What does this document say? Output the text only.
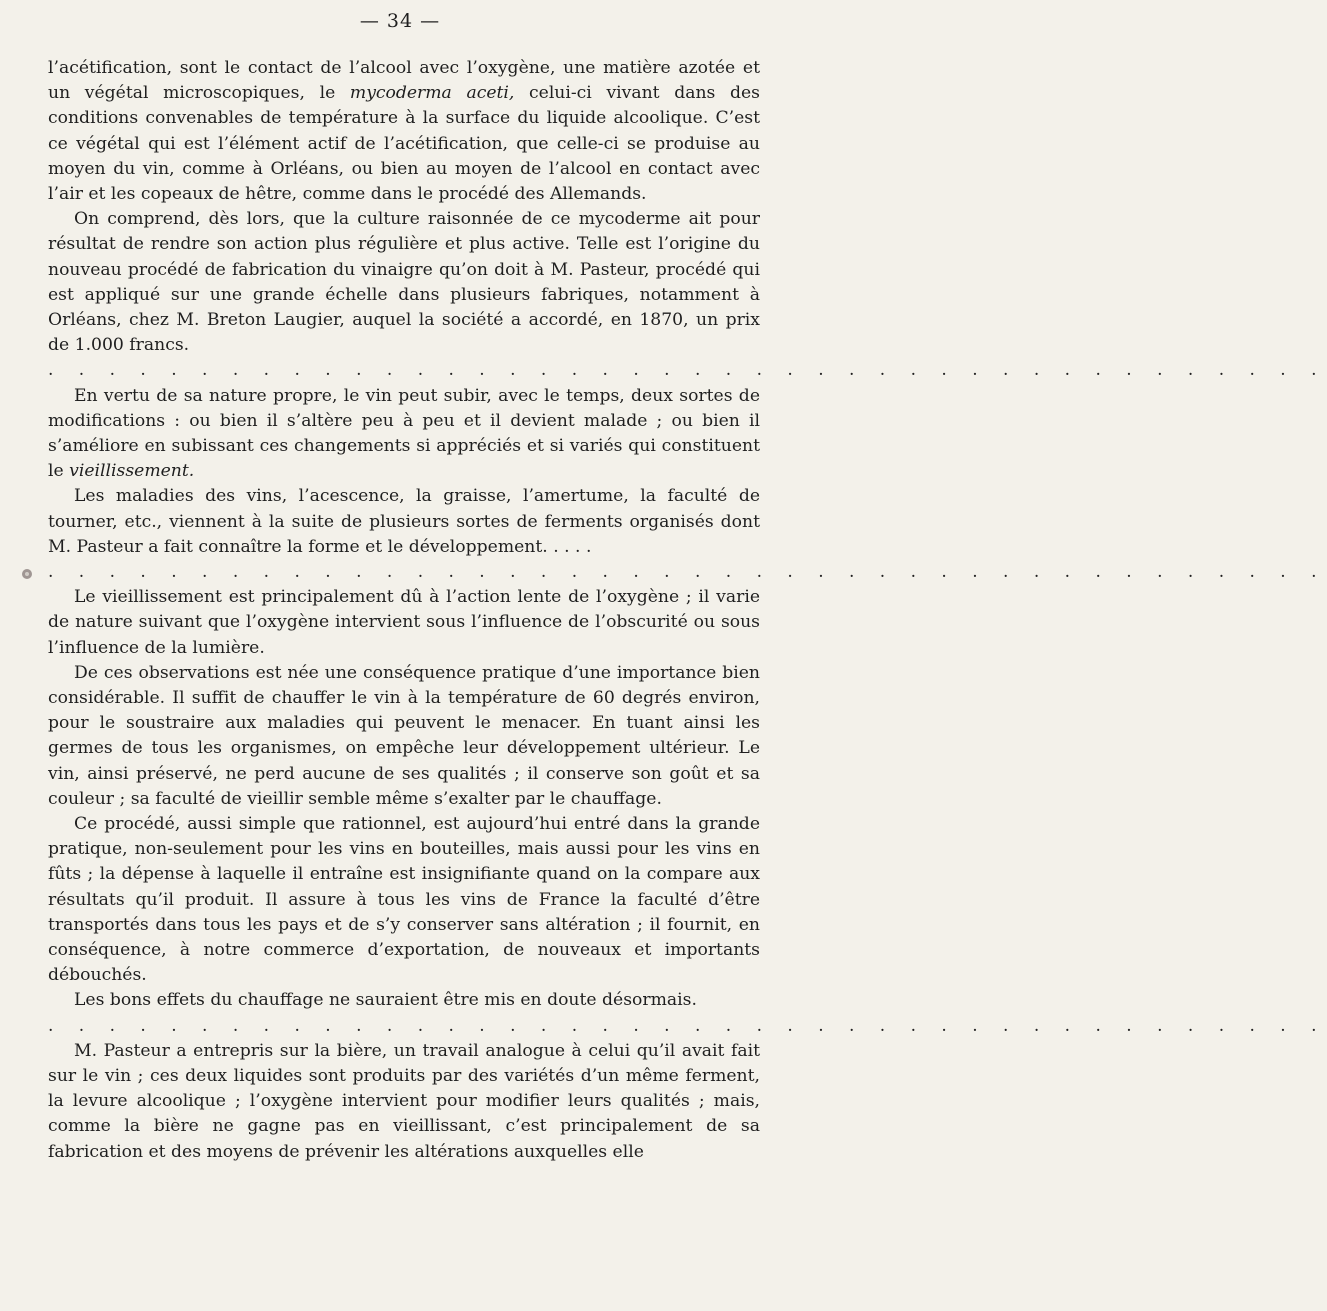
— 34 —

l’acétification, sont le contact de l’alcool avec l’oxygène, une matière azotée et un végétal microscopiques, le mycoderma aceti, celui-ci vivant dans des conditions convenables de température à la surface du liquide alcoolique. C’est ce végétal qui est l’élément actif de l’acétification, que celle-ci se produise au moyen du vin, comme à Orléans, ou bien au moyen de l’alcool en contact avec l’air et les copeaux de hêtre, comme dans le procédé des Allemands.

On comprend, dès lors, que la culture raisonnée de ce mycoderme ait pour résultat de rendre son action plus régulière et plus active. Telle est l’origine du nouveau procédé de fabrication du vinaigre qu’on doit à M. Pasteur, procédé qui est appliqué sur une grande échelle dans plusieurs fabriques, notamment à Orléans, chez M. Breton Laugier, auquel la société a accordé, en 1870, un prix de 1.000 francs.

. . . . . . . . . . . . . . . . . . . . . . . . . . . . . . . . . . . . . . . . . .

En vertu de sa nature propre, le vin peut subir, avec le temps, deux sortes de modifications : ou bien il s’altère peu à peu et il devient malade ; ou bien il s’améliore en subissant ces changements si appréciés et si variés qui constituent le vieillissement.

Les maladies des vins, l’acescence, la graisse, l’amertume, la faculté de tourner, etc., viennent à la suite de plusieurs sortes de ferments organisés dont M. Pasteur a fait connaître la forme et le développement. . . . .

. . . . . . . . . . . . . . . . . . . . . . . . . . . . . . . . . . . . . . . . . .

Le vieillissement est principalement dû à l’action lente de l’oxygène ; il varie de nature suivant que l’oxygène intervient sous l’influence de l’obscurité ou sous l’influence de la lumière.

De ces observations est née une conséquence pratique d’une importance bien considérable. Il suffit de chauffer le vin à la température de 60 degrés environ, pour le soustraire aux maladies qui peuvent le menacer. En tuant ainsi les germes de tous les organismes, on empêche leur développement ultérieur. Le vin, ainsi préservé, ne perd aucune de ses qualités ; il conserve son goût et sa couleur ; sa faculté de vieillir semble même s’exalter par le chauffage.

Ce procédé, aussi simple que rationnel, est aujourd’hui entré dans la grande pratique, non-seulement pour les vins en bouteilles, mais aussi pour les vins en fûts ; la dépense à laquelle il entraîne est insignifiante quand on la compare aux résultats qu’il produit. Il assure à tous les vins de France la faculté d’être transportés dans tous les pays et de s’y conserver sans altération ; il fournit, en conséquence, à notre commerce d’exportation, de nouveaux et importants débouchés.

Les bons effets du chauffage ne sauraient être mis en doute désormais.

. . . . . . . . . . . . . . . . . . . . . . . . . . . . . . . . . . . . . . . . . .

M. Pasteur a entrepris sur la bière, un travail analogue à celui qu’il avait fait sur le vin ; ces deux liquides sont produits par des variétés d’un même ferment, la levure alcoolique ; l’oxygène intervient pour modifier leurs qualités ; mais, comme la bière ne gagne pas en vieillissant, c’est principalement de sa fabrication et des moyens de prévenir les altérations auxquelles elle
